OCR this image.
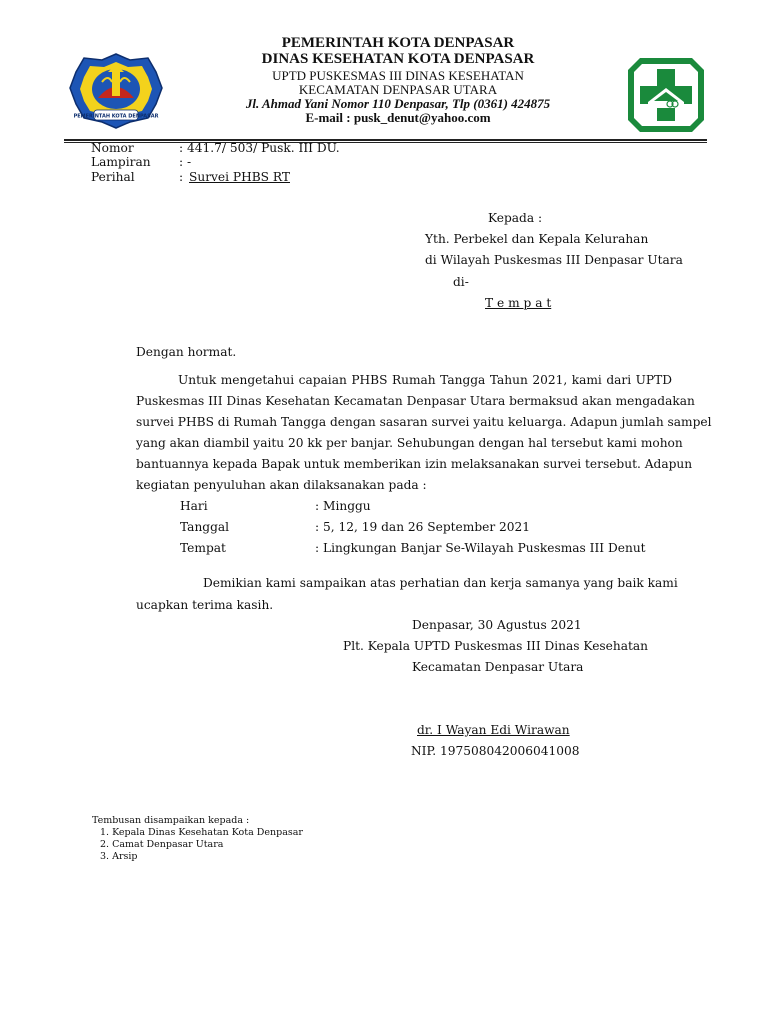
PEMERINTAH KOTA DENPASAR
PEMERINTAH KOTA DENPASAR
DINAS KESEHATAN KOTA DENPASAR
UPTD PUSKESMAS III DINAS KESEHATAN
KECAMATAN DENPASAR UTARA
Jl. Ahmad Yani Nomor 110 Denpasar, Tlp (0361) 424875
E-mail : pusk_denut@yahoo.com
Nomor	: 441.7/ 503/ Pusk. III DU.
Lampiran : -
Perihal	: Survei PHBS RT
Kepada :
Yth. Perbekel dan Kepala Kelurahan
di Wilayah Puskesmas III Denpasar Utara
di-
T e m p a t
Dengan hormat.
Untuk mengetahui capaian PHBS Rumah Tangga Tahun 2021, kami dari UPTD
Puskesmas III Dinas Kesehatan Kecamatan Denpasar Utara bermaksud akan mengadakan
survei PHBS di Rumah Tangga dengan sasaran survei yaitu keluarga. Adapun jumlah sampel
yang akan diambil yaitu 20 kk per banjar. Sehubungan dengan hal tersebut kami mohon
bantuannya kepada Bapak untuk memberikan izin melaksanakan survei tersebut. Adapun
kegiatan penyuluhan akan dilaksanakan pada :
Hari	: Minggu
Tanggal	: 5, 12, 19 dan 26 September 2021
Tempat	: Lingkungan Banjar Se-Wilayah Puskesmas III Denut
Demikian kami sampaikan atas perhatian dan kerja samanya yang baik kami
ucapkan terima kasih.
Denpasar, 30 Agustus 2021
Plt. Kepala UPTD Puskesmas III Dinas Kesehatan
Kecamatan Denpasar Utara
dr. I Wayan Edi Wirawan
NIP. 197508042006041008
Tembusan disampaikan kepada :
1. Kepala Dinas Kesehatan Kota Denpasar
2. Camat Denpasar Utara
3. Arsip
